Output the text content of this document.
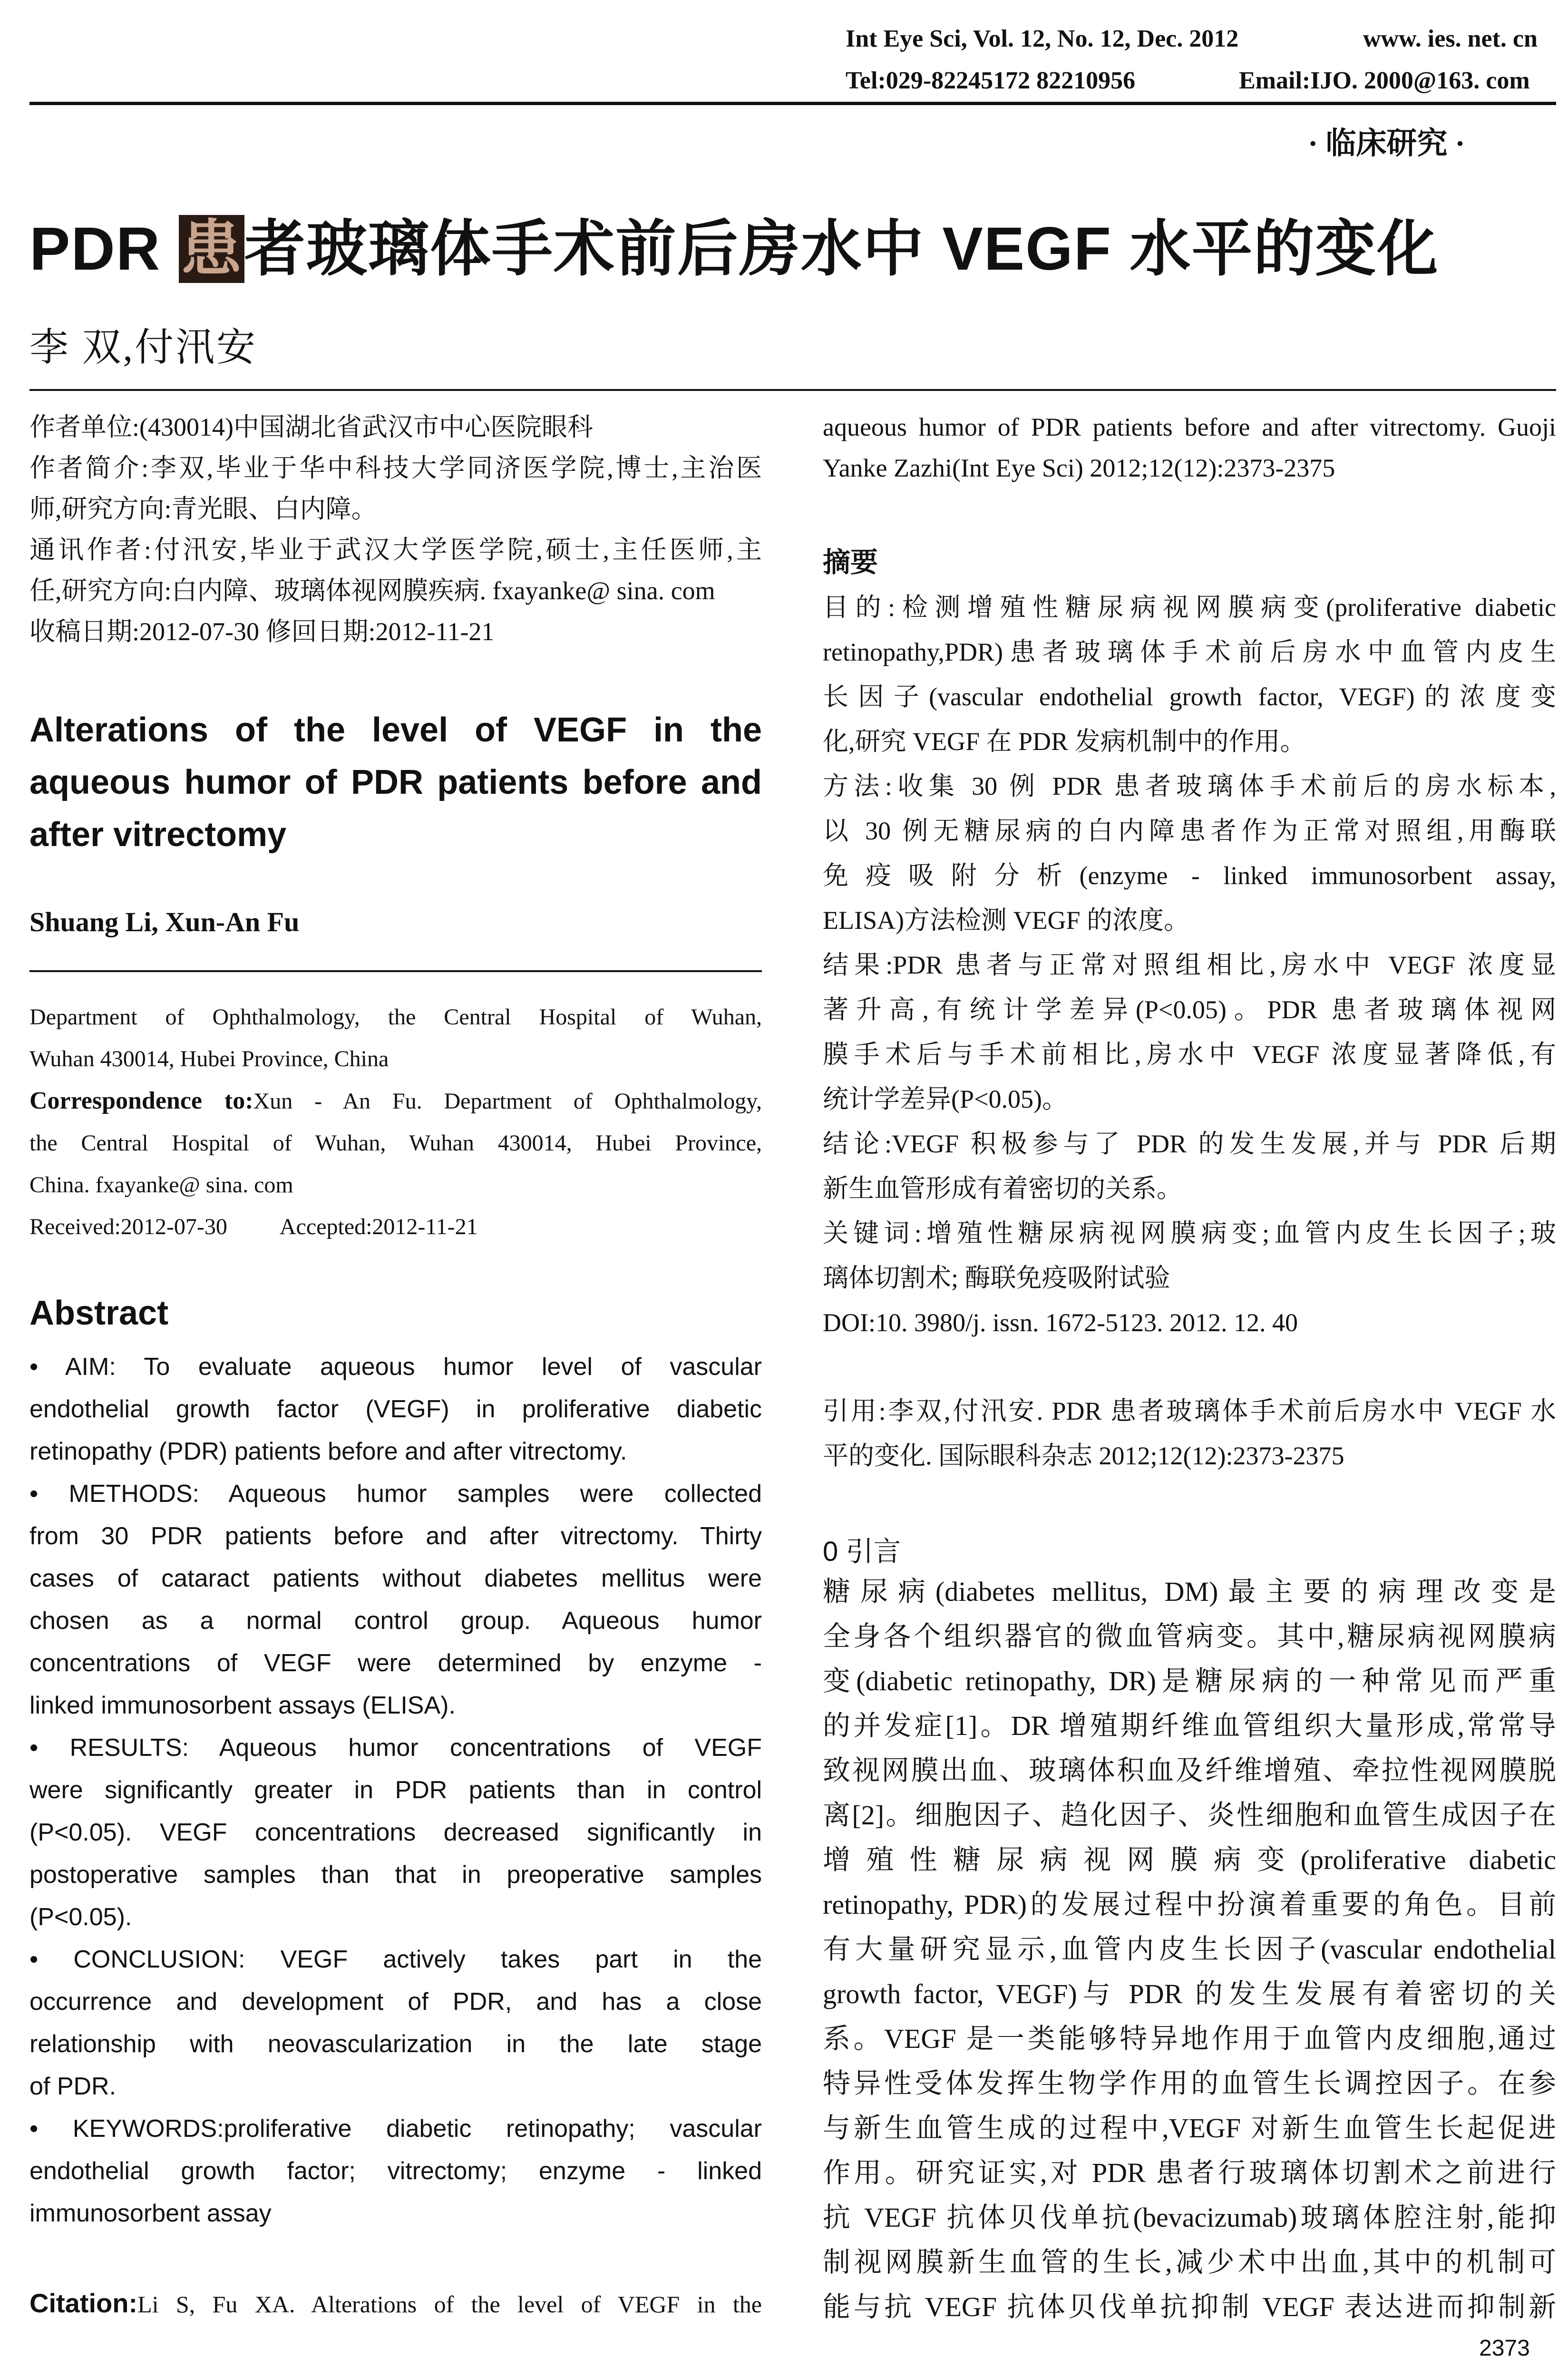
Int Eye Sci, Vol. 12, No. 12, Dec. 2012	www. ies. net. cn
Tel:029-82245172 82210956	Email:IJO. 2000@163. com
· 临床研究 ·
PDR 患者玻璃体手术前后房水中 VEGF 水平的变化
李 双,付汛安
作者单位:(430014)中国湖北省武汉市中心医院眼科
作者简介:李双,毕业于华中科技大学同济医学院,博士,主治医
师,研究方向:青光眼、白内障。
通讯作者:付汛安,毕业于武汉大学医学院,硕士,主任医师,主
任,研究方向:白内障、玻璃体视网膜疾病. fxayanke@ sina. com
收稿日期:2012-07-30 修回日期:2012-11-21
Alterations of the level of VEGF in the
aqueous humor of PDR patients before and
after vitrectomy
Shuang Li, Xun-An Fu
Department of Ophthalmology, the Central Hospital of Wuhan,
Wuhan 430014, Hubei Province, China
Correspondence to:Xun - An Fu. Department of Ophthalmology,
the Central Hospital of Wuhan, Wuhan 430014, Hubei Province,
China. fxayanke@ sina. com
Received:2012-07-30 Accepted:2012-11-21
Abstract
• AIM: To evaluate aqueous humor level of vascular
endothelial growth factor (VEGF) in proliferative diabetic
retinopathy (PDR) patients before and after vitrectomy.
• METHODS: Aqueous humor samples were collected
from 30 PDR patients before and after vitrectomy. Thirty
cases of cataract patients without diabetes mellitus were
chosen as a normal control group. Aqueous humor
concentrations of VEGF were determined by enzyme -
linked immunosorbent assays (ELISA).
• RESULTS: Aqueous humor concentrations of VEGF
were significantly greater in PDR patients than in control
(P<0.05). VEGF concentrations decreased significantly in
postoperative samples than that in preoperative samples
(P<0.05).
• CONCLUSION: VEGF actively takes part in the
occurrence and development of PDR, and has a close
relationship with neovascularization in the late stage
of PDR.
• KEYWORDS:proliferative diabetic retinopathy; vascular
endothelial growth factor; vitrectomy; enzyme - linked
immunosorbent assay
Citation:Li S, Fu XA. Alterations of the level of VEGF in the
aqueous humor of PDR patients before and after vitrectomy. Guoji
Yanke Zazhi(Int Eye Sci) 2012;12(12):2373-2375
摘要
目的:检测增殖性糖尿病视网膜病变(proliferative diabetic
retinopathy,PDR)患者玻璃体手术前后房水中血管内皮生
长因子(vascular endothelial growth factor, VEGF)的浓度变
化,研究 VEGF 在 PDR 发病机制中的作用。
方法:收集 30 例 PDR 患者玻璃体手术前后的房水标本,
以 30 例无糖尿病的白内障患者作为正常对照组,用酶联
免疫吸附分析(enzyme - linked immunosorbent assay,
ELISA)方法检测 VEGF 的浓度。
结果:PDR 患者与正常对照组相比,房水中 VEGF 浓度显
著升高,有统计学差异(P<0.05)。PDR 患者玻璃体视网
膜手术后与手术前相比,房水中 VEGF 浓度显著降低,有
统计学差异(P<0.05)。
结论:VEGF 积极参与了 PDR 的发生发展,并与 PDR 后期
新生血管形成有着密切的关系。
关键词:增殖性糖尿病视网膜病变;血管内皮生长因子;玻
璃体切割术; 酶联免疫吸附试验
DOI:10. 3980/j. issn. 1672-5123. 2012. 12. 40
引用:李双,付汛安. PDR 患者玻璃体手术前后房水中 VEGF 水
平的变化. 国际眼科杂志 2012;12(12):2373-2375
0 引言
糖尿病(diabetes mellitus, DM)最主要的病理改变是
全身各个组织器官的微血管病变。其中,糖尿病视网膜病
变(diabetic retinopathy, DR)是糖尿病的一种常见而严重
的并发症[1]。DR 增殖期纤维血管组织大量形成,常常导
致视网膜出血、玻璃体积血及纤维增殖、牵拉性视网膜脱
离[2]。细胞因子、趋化因子、炎性细胞和血管生成因子在
增殖性糖尿病视网膜病变(proliferative diabetic
retinopathy, PDR)的发展过程中扮演着重要的角色。目前
有大量研究显示,血管内皮生长因子(vascular endothelial
growth factor, VEGF)与 PDR 的发生发展有着密切的关
系。VEGF 是一类能够特异地作用于血管内皮细胞,通过
特异性受体发挥生物学作用的血管生长调控因子。在参
与新生血管生成的过程中,VEGF 对新生血管生长起促进
作用。研究证实,对 PDR 患者行玻璃体切割术之前进行
抗 VEGF 抗体贝伐单抗(bevacizumab)玻璃体腔注射,能抑
制视网膜新生血管的生长,减少术中出血,其中的机制可
能与抗 VEGF 抗体贝伐单抗抑制 VEGF 表达进而抑制新
2373
